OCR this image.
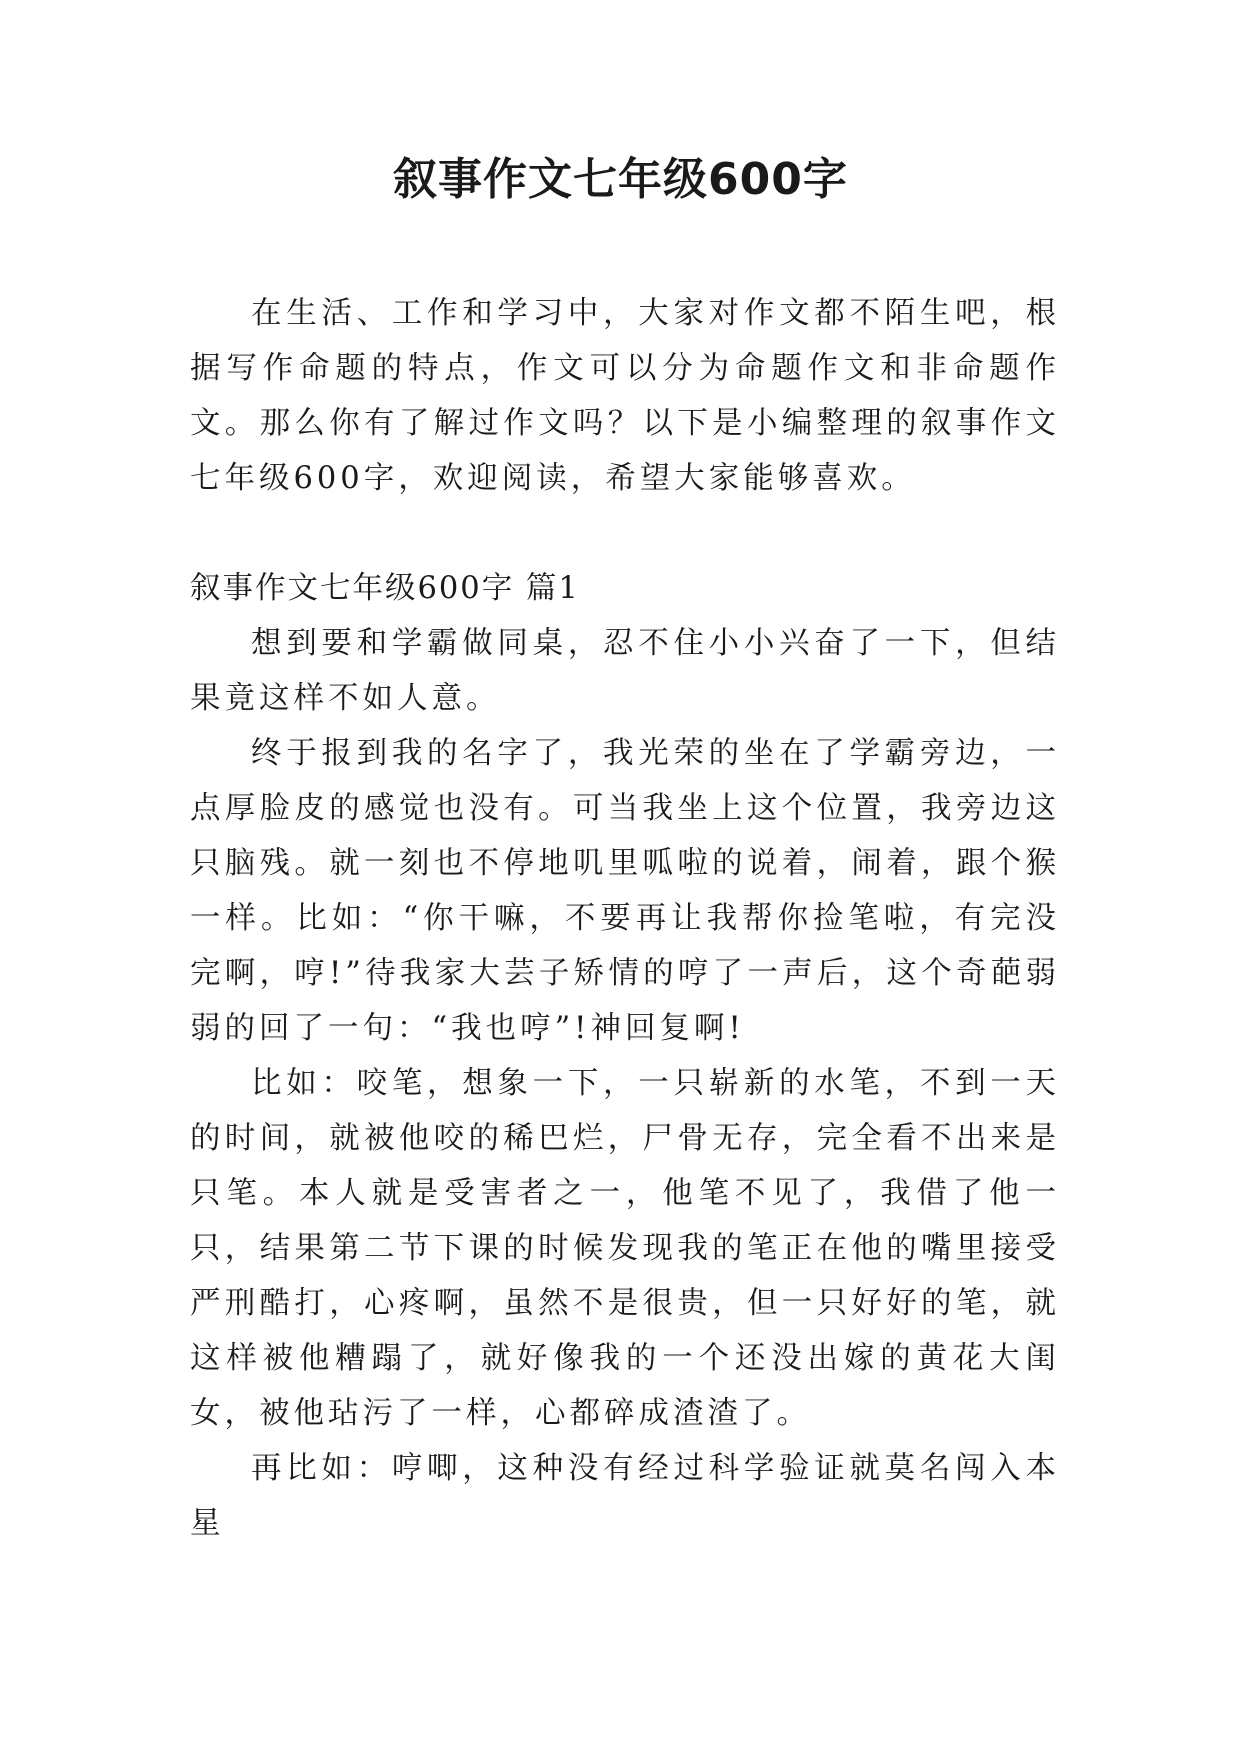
叙事作文七年级600字

在生活、工作和学习中，大家对作文都不陌生吧，根据写作命题的特点，作文可以分为命题作文和非命题作文。那么你有了解过作文吗？以下是小编整理的叙事作文七年级600字，欢迎阅读，希望大家能够喜欢。

叙事作文七年级600字 篇1

想到要和学霸做同桌，忍不住小小兴奋了一下，但结果竟这样不如人意。

终于报到我的名字了，我光荣的坐在了学霸旁边，一点厚脸皮的感觉也没有。可当我坐上这个位置，我旁边这只脑残。就一刻也不停地叽里呱啦的说着，闹着，跟个猴一样。比如：“你干嘛，不要再让我帮你捡笔啦，有完没完啊，哼!”待我家大芸子矫情的哼了一声后，这个奇葩弱弱的回了一句：“我也哼”!神回复啊!

比如：咬笔，想象一下，一只崭新的水笔，不到一天的时间，就被他咬的稀巴烂，尸骨无存，完全看不出来是只笔。本人就是受害者之一，他笔不见了，我借了他一只，结果第二节下课的时候发现我的笔正在他的嘴里接受严刑酷打，心疼啊，虽然不是很贵，但一只好好的笔，就这样被他糟蹋了，就好像我的一个还没出嫁的黄花大闺女，被他玷污了一样，心都碎成渣渣了。

再比如：哼唧，这种没有经过科学验证就莫名闯入本星
